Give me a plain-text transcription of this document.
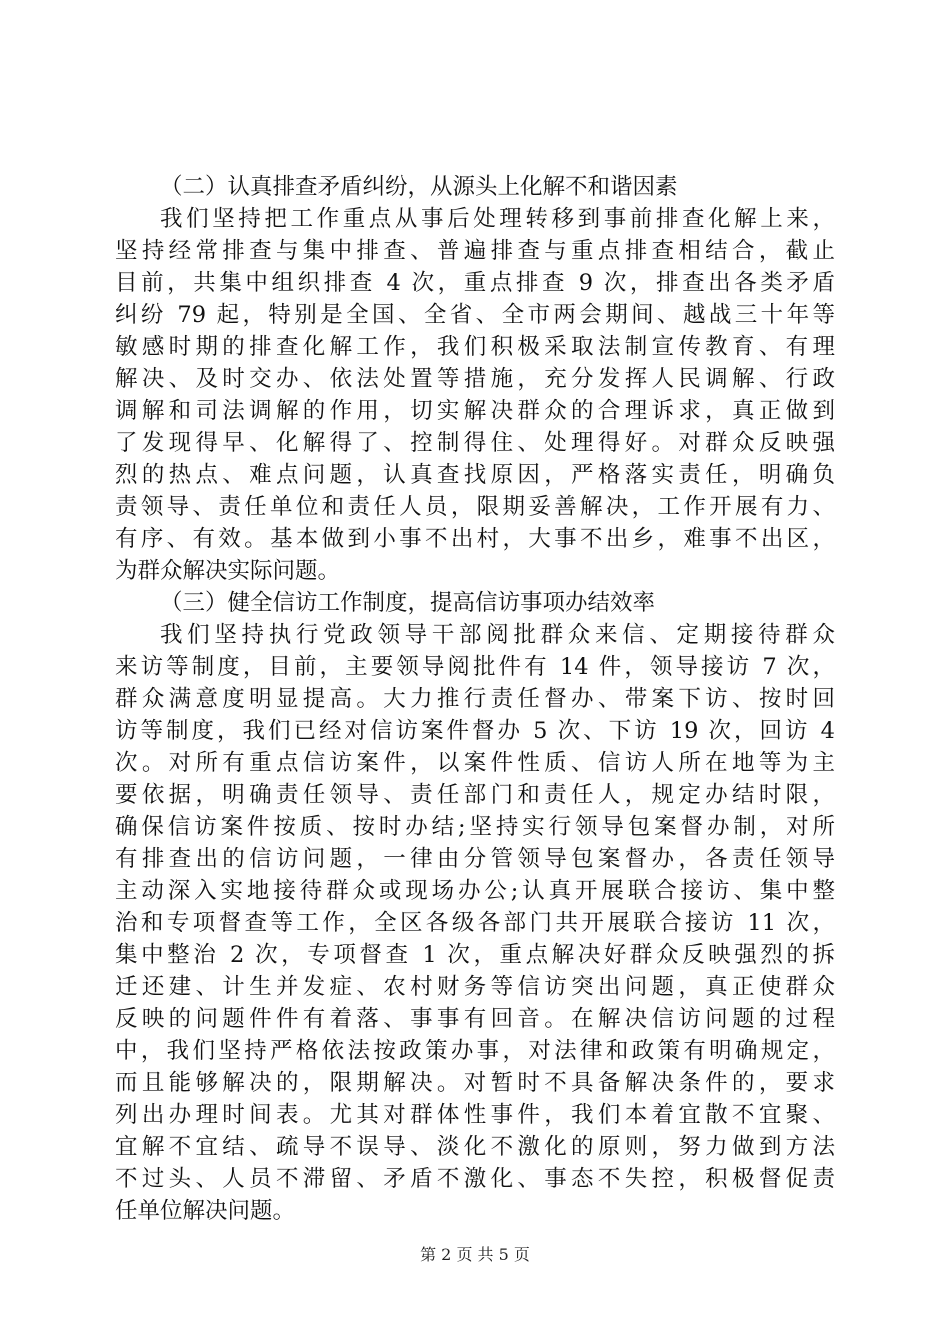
（二）认真排查矛盾纠纷，从源头上化解不和谐因素
我们坚持把工作重点从事后处理转移到事前排查化解上来，
坚持经常排查与集中排查、普遍排查与重点排查相结合，截止
目前，共集中组织排查 4 次，重点排查 9 次，排查出各类矛盾
纠纷 79 起，特别是全国、全省、全市两会期间、越战三十年等
敏感时期的排查化解工作，我们积极采取法制宣传教育、有理
解决、及时交办、依法处置等措施，充分发挥人民调解、行政
调解和司法调解的作用，切实解决群众的合理诉求，真正做到
了发现得早、化解得了、控制得住、处理得好。对群众反映强
烈的热点、难点问题，认真查找原因，严格落实责任，明确负
责领导、责任单位和责任人员，限期妥善解决，工作开展有力、
有序、有效。基本做到小事不出村，大事不出乡，难事不出区，
为群众解决实际问题。
（三）健全信访工作制度，提高信访事项办结效率
我们坚持执行党政领导干部阅批群众来信、定期接待群众
来访等制度，目前，主要领导阅批件有 14 件，领导接访 7 次，
群众满意度明显提高。大力推行责任督办、带案下访、按时回
访等制度，我们已经对信访案件督办 5 次、下访 19 次，回访 4
次。对所有重点信访案件，以案件性质、信访人所在地等为主
要依据，明确责任领导、责任部门和责任人，规定办结时限，
确保信访案件按质、按时办结;坚持实行领导包案督办制，对所
有排查出的信访问题，一律由分管领导包案督办，各责任领导
主动深入实地接待群众或现场办公;认真开展联合接访、集中整
治和专项督查等工作，全区各级各部门共开展联合接访 11 次，
集中整治 2 次，专项督查 1 次，重点解决好群众反映强烈的拆
迁还建、计生并发症、农村财务等信访突出问题，真正使群众
反映的问题件件有着落、事事有回音。在解决信访问题的过程
中，我们坚持严格依法按政策办事，对法律和政策有明确规定，
而且能够解决的，限期解决。对暂时不具备解决条件的，要求
列出办理时间表。尤其对群体性事件，我们本着宜散不宜聚、
宜解不宜结、疏导不误导、淡化不激化的原则，努力做到方法
不过头、人员不滞留、矛盾不激化、事态不失控，积极督促责
任单位解决问题。
第 2 页 共 5 页
